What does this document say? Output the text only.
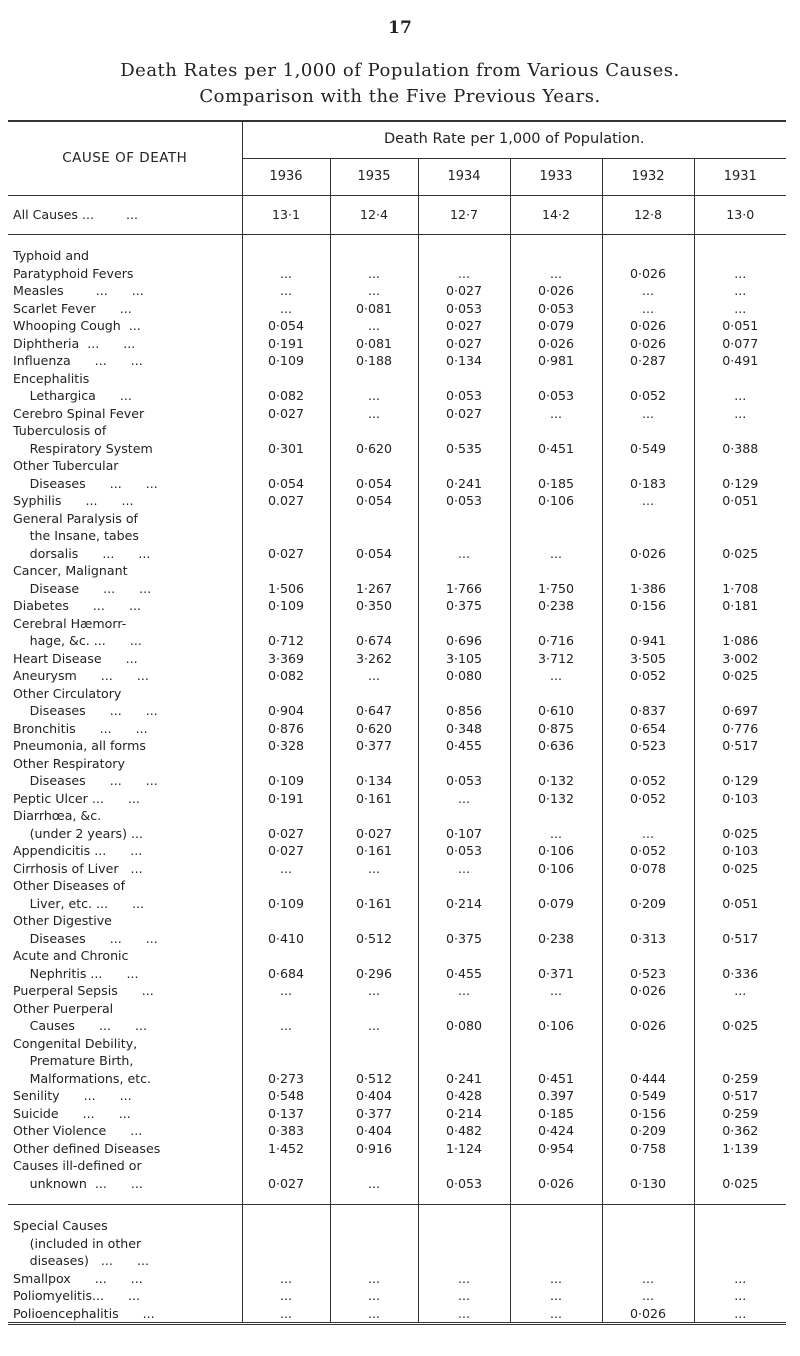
17
Death Rates per 1,000 of Population from Various Causes.
Comparison with the Five Previous Years.
CAUSE OF DEATH	Death Rate per 1,000 of Population.					
	1936	1935	1934	1933	1932	1931
All Causes ...        ...	13·1	12·4	12·7	14·2	12·8	13·0

Typhoid and
Paratyphoid Fevers	...	...	...	...	0·026	...

Measles        ...      ...	...	...	0·027	0·026	...	...

Scarlet Fever      ...	...	0·081	0·053	0·053	...	...

Whooping Cough  ...	0·054	...	0·027	0·079	0·026	0·051

Diphtheria  ...      ...	0·191	0·081	0·027	0·026	0·026	0·077

Influenza      ...      ...	0·109	0·188	0·134	0·981	0·287	0·491

Encephalitis
  Lethargica      ...	0·082	...	0·053	0·053	0·052	...

Cerebro Spinal Fever	0·027	...	0·027	...	...	...

Tuberculosis of
  Respiratory System	0·301	0·620	0·535	0·451	0·549	0·388

Other Tubercular
  Diseases      ...      ...	0·054	0·054	0·241	0·185	0·183	0·129

Syphilis      ...      ...	0.027	0·054	0·053	0·106	...	0·051

General Paralysis of
  the Insane, tabes
  dorsalis      ...      ...	0·027	0·054	...	...	0·026	0·025

Cancer, Malignant
  Disease      ...      ...	1·506	1·267	1·766	1·750	1·386	1·708

Diabetes      ...      ...	0·109	0·350	0·375	0·238	0·156	0·181

Cerebral Hæmorr-
  hage, &c. ...      ...	0·712	0·674	0·696	0·716	0·941	1·086

Heart Disease      ...	3·369	3·262	3·105	3·712	3·505	3·002

Aneurysm      ...      ...	0·082	...	0·080	...	0·052	0·025

Other Circulatory
  Diseases      ...      ...	0·904	0·647	0·856	0·610	0·837	0·697

Bronchitis      ...      ...	0·876	0·620	0·348	0·875	0·654	0·776

Pneumonia, all forms	0·328	0·377	0·455	0·636	0·523	0·517

Other Respiratory
  Diseases      ...      ...	0·109	0·134	0·053	0·132	0·052	0·129

Peptic Ulcer ...      ...	0·191	0·161	...	0·132	0·052	0·103

Diarrhœa, &c.
  (under 2 years) ...	0·027	0·027	0·107	...	...	0·025

Appendicitis ...      ...	0·027	0·161	0·053	0·106	0·052	0·103

Cirrhosis of Liver   ...	...	...	...	0·106	0·078	0·025

Other Diseases of
  Liver, etc. ...      ...	0·109	0·161	0·214	0·079	0·209	0·051

Other Digestive
  Diseases      ...      ...	0·410	0·512	0·375	0·238	0·313	0·517

Acute and Chronic
  Nephritis ...      ...	0·684	0·296	0·455	0·371	0·523	0·336

Puerperal Sepsis      ...	...	...	...	...	0·026	...

Other Puerperal
  Causes      ...      ...	...	...	0·080	0·106	0·026	0·025

Congenital Debility,
  Premature Birth,
  Malformations, etc.	0·273	0·512	0·241	0·451	0·444	0·259

Senility      ...      ...	0·548	0·404	0·428	0.397	0·549	0·517

Suicide      ...      ...	0·137	0·377	0·214	0·185	0·156	0·259

Other Violence      ...	0·383	0·404	0·482	0·424	0·209	0·362

Other defined Diseases	1·452	0·916	1·124	0·954	0·758	1·139

Causes ill-defined or
  unknown  ...      ...	0·027	...	0·053	0·026	0·130	0·025

Special Causes
  (included in other
  diseases)   ...      ...						

Smallpox      ...      ...	...	...	...	...	...	...

Poliomyelitis...      ...	...	...	...	...	...	...

Polioencephalitis      ...	...	...	...	...	0·026	...
